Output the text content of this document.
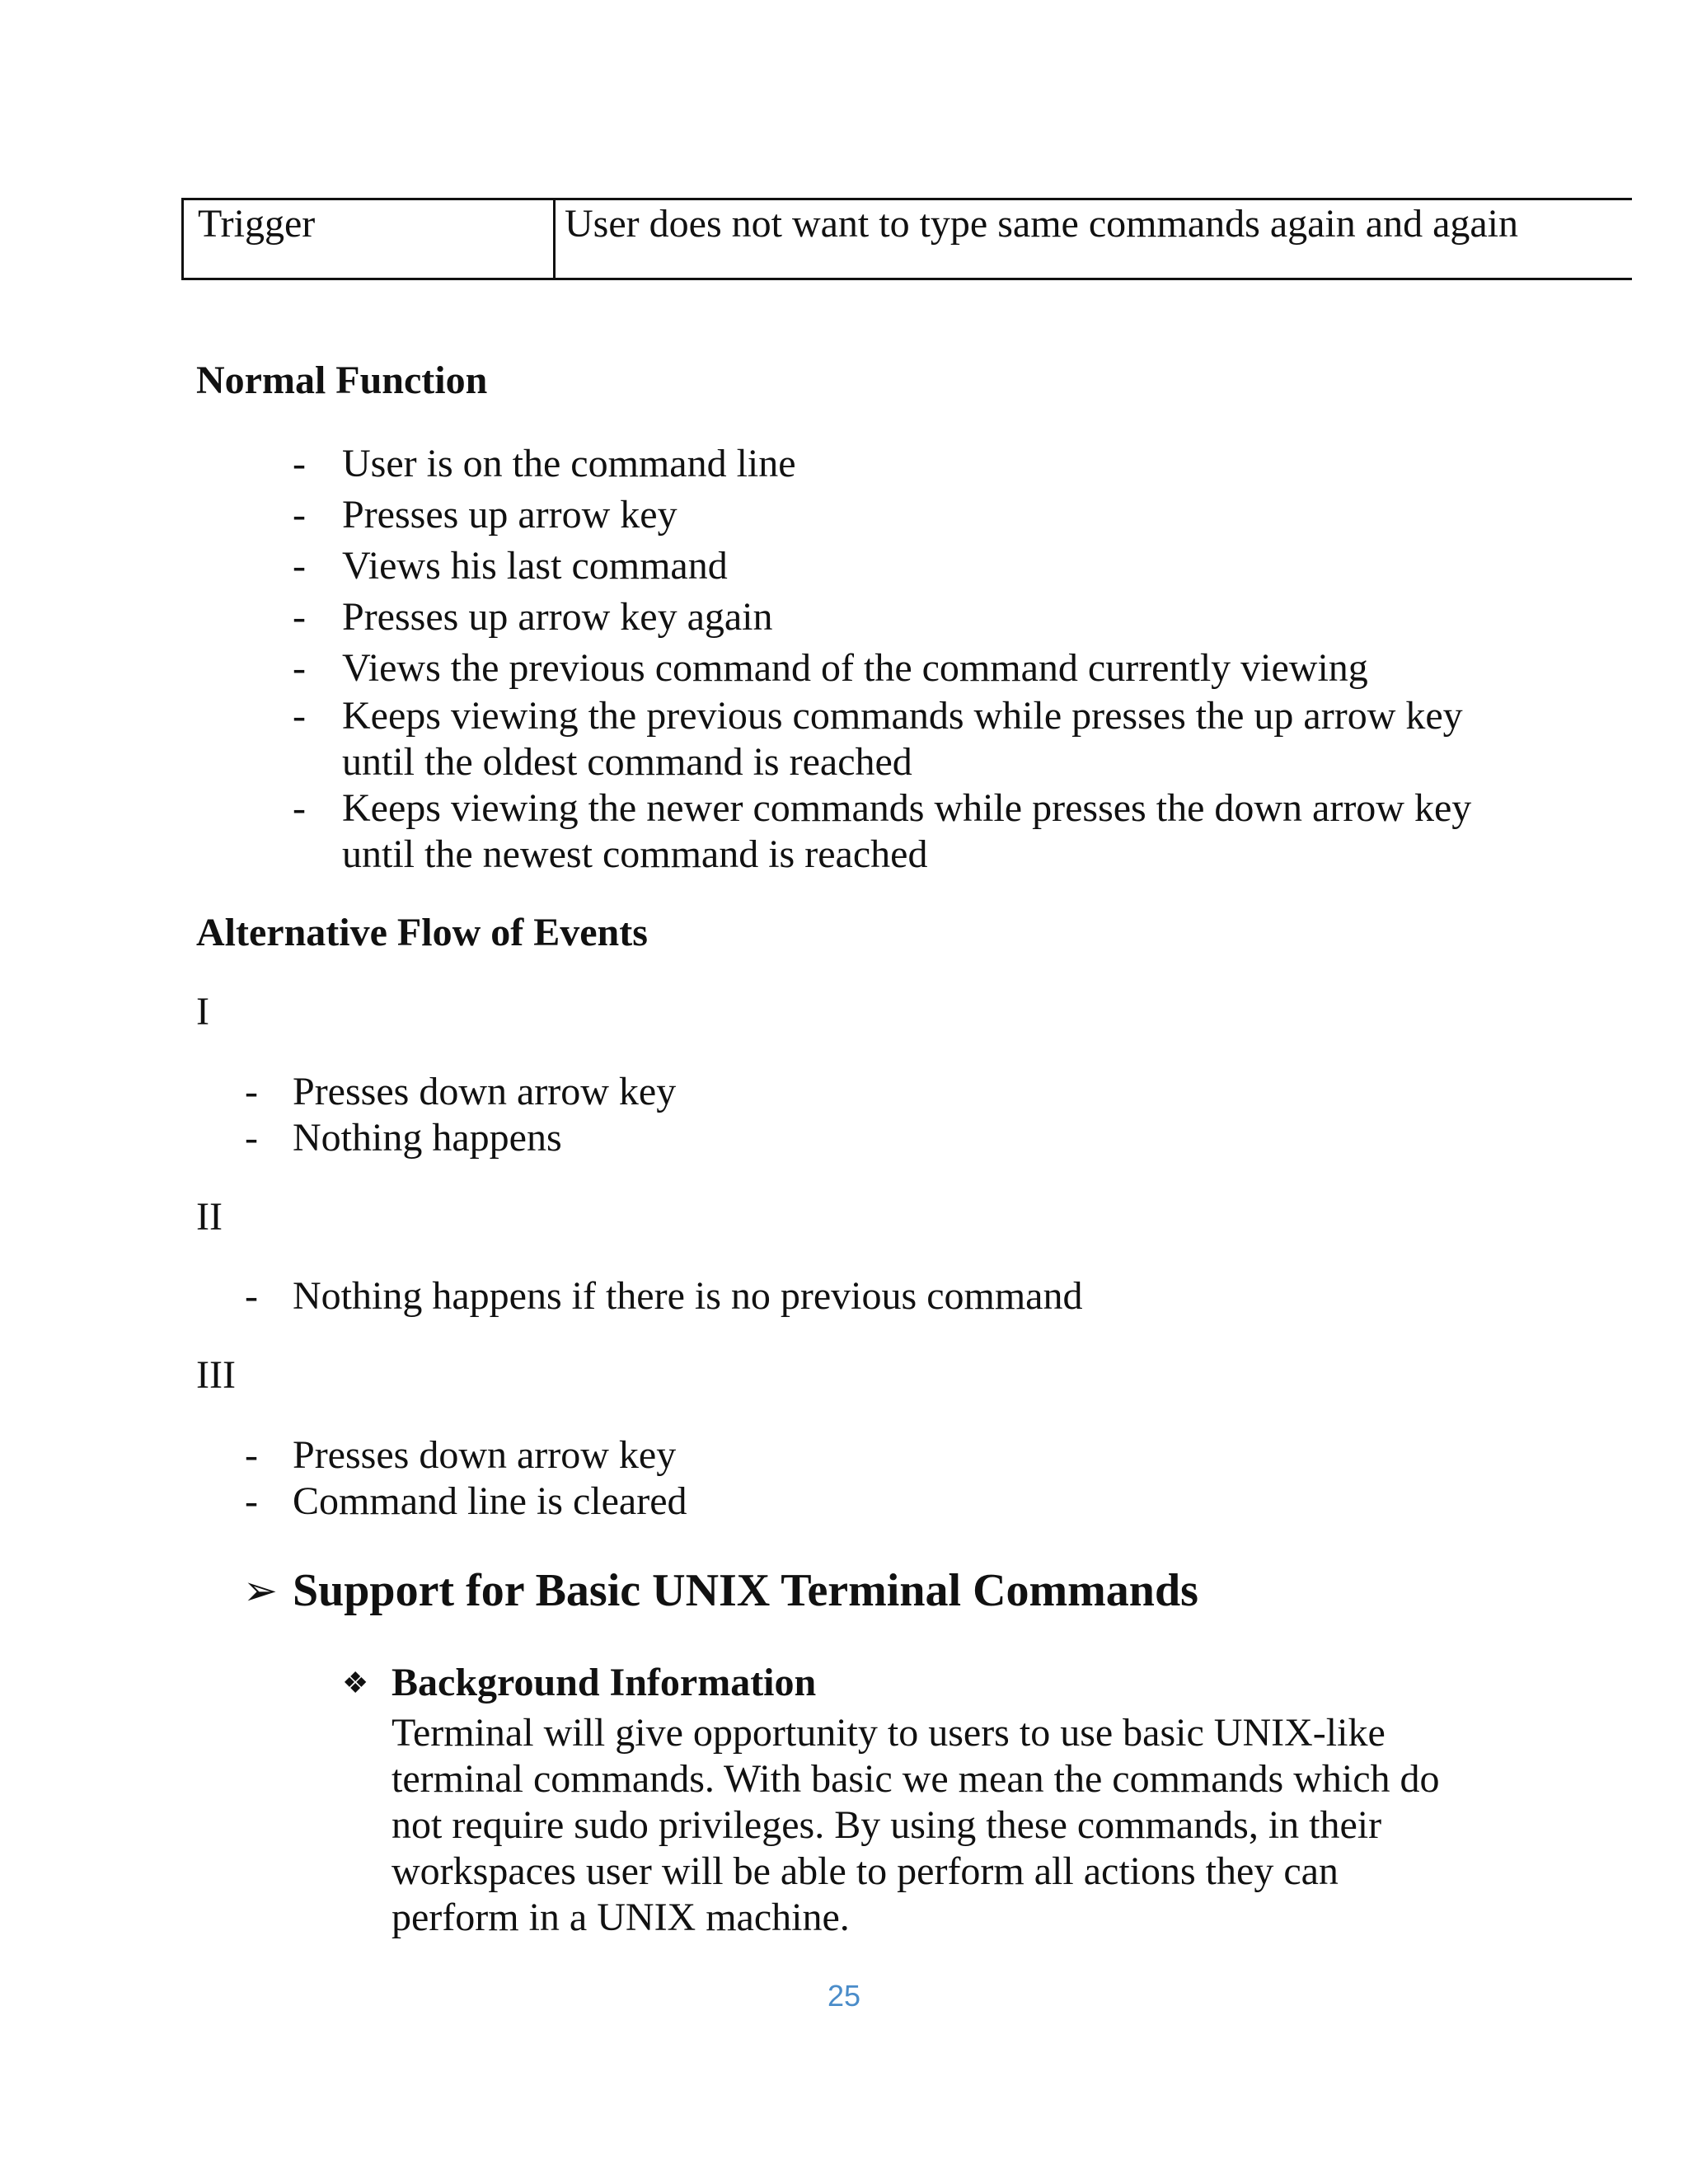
Trigger	User does not want to type same commands again and again
Normal Function
- User is on the command line
- Presses up arrow key
- Views his last command
- Presses up arrow key again
- Views the previous command of the command currently viewing
- Keeps viewing the previous commands while presses the up arrow key
until the oldest command is reached
- Keeps viewing the newer commands while presses the down arrow key
until the newest command is reached
Alternative Flow of Events
I
- Presses down arrow key
- Nothing happens
II
- Nothing happens if there is no previous command
III
- Presses down arrow key
- Command line is cleared
➢ Support for Basic UNIX Terminal Commands
❖ Background Information
Terminal will give opportunity to users to use basic UNIX-like
terminal commands. With basic we mean the commands which do
not require sudo privileges. By using these commands, in their
workspaces user will be able to perform all actions they can
perform in a UNIX machine.
25
